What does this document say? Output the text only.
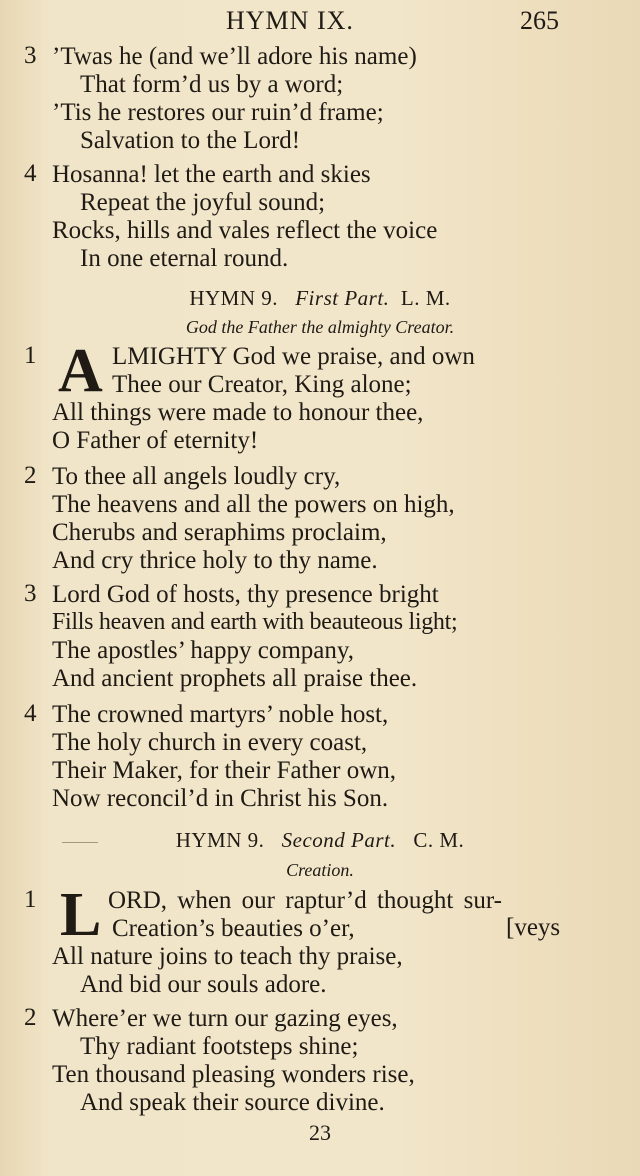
HYMN IX.	265
3 ’Twas he (and we’ll adore his name)
That form’d us by a word;
’Tis he restores our ruin’d frame;
Salvation to the Lord!
4 Hosanna! let the earth and skies
Repeat the joyful sound;
Rocks, hills and vales reflect the voice
In one eternal round.
HYMN 9. First Part. L. M.
God the Father the almighty Creator.
1 A LMIGHTY God we praise, and own
Thee our Creator, King alone;
All things were made to honour thee,
O Father of eternity!
2 To thee all angels loudly cry,
The heavens and all the powers on high,
Cherubs and seraphims proclaim,
And cry thrice holy to thy name.
3 Lord God of hosts, thy presence bright
Fills heaven and earth with beauteous light;
The apostles’ happy company,
And ancient prophets all praise thee.
4 The crowned martyrs’ noble host,
The holy church in every coast,
Their Maker, for their Father own,
Now reconcil’d in Christ his Son.
HYMN 9. Second Part. C. M.
Creation.
1 L ORD, when our raptur’d thought sur-
Creation’s beauties o’er,	[veys
All nature joins to teach thy praise,
And bid our souls adore.
2 Where’er we turn our gazing eyes,
Thy radiant footsteps shine;
Ten thousand pleasing wonders rise,
And speak their source divine.
23
